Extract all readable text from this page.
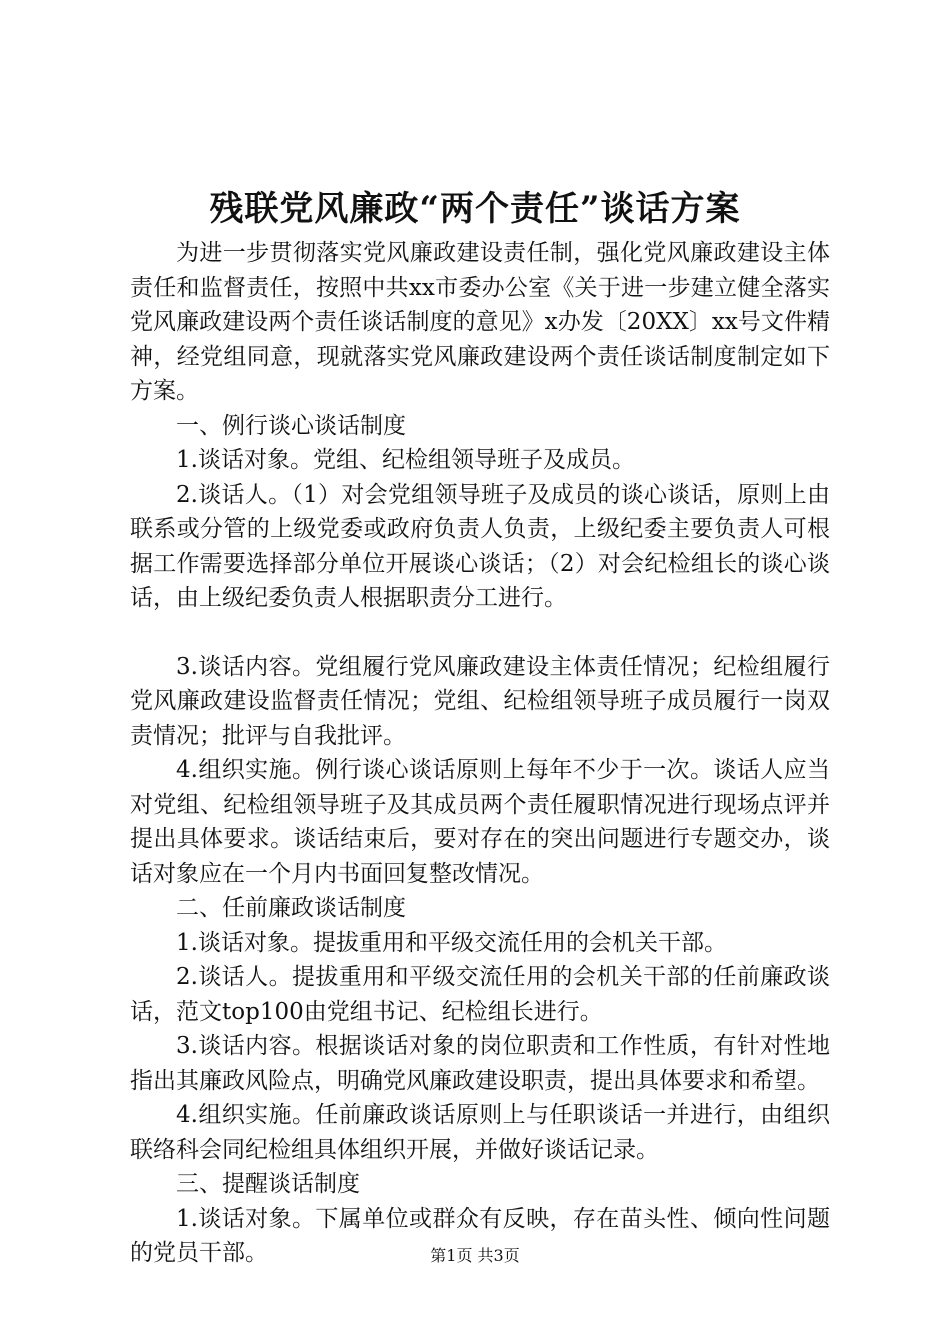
残联党风廉政“两个责任”谈话方案

为进一步贯彻落实党风廉政建设责任制，强化党风廉政建设主体责任和监督责任，按照中共xx市委办公室《关于进一步建立健全落实党风廉政建设两个责任谈话制度的意见》x办发〔20XX〕xx号文件精神，经党组同意，现就落实党风廉政建设两个责任谈话制度制定如下方案。

一、例行谈心谈话制度

1.谈话对象。党组、纪检组领导班子及成员。

2.谈话人。（1）对会党组领导班子及成员的谈心谈话，原则上由联系或分管的上级党委或政府负责人负责，上级纪委主要负责人可根据工作需要选择部分单位开展谈心谈话；（2）对会纪检组长的谈心谈话，由上级纪委负责人根据职责分工进行。

3.谈话内容。党组履行党风廉政建设主体责任情况；纪检组履行党风廉政建设监督责任情况；党组、纪检组领导班子成员履行一岗双责情况；批评与自我批评。

4.组织实施。例行谈心谈话原则上每年不少于一次。谈话人应当对党组、纪检组领导班子及其成员两个责任履职情况进行现场点评并提出具体要求。谈话结束后，要对存在的突出问题进行专题交办，谈话对象应在一个月内书面回复整改情况。

二、任前廉政谈话制度

1.谈话对象。提拔重用和平级交流任用的会机关干部。

2.谈话人。提拔重用和平级交流任用的会机关干部的任前廉政谈话，范文top100由党组书记、纪检组长进行。

3.谈话内容。根据谈话对象的岗位职责和工作性质，有针对性地指出其廉政风险点，明确党风廉政建设职责，提出具体要求和希望。

4.组织实施。任前廉政谈话原则上与任职谈话一并进行，由组织联络科会同纪检组具体组织开展，并做好谈话记录。

三、提醒谈话制度

1.谈话对象。下属单位或群众有反映，存在苗头性、倾向性问题的党员干部。	第1页 共3页
